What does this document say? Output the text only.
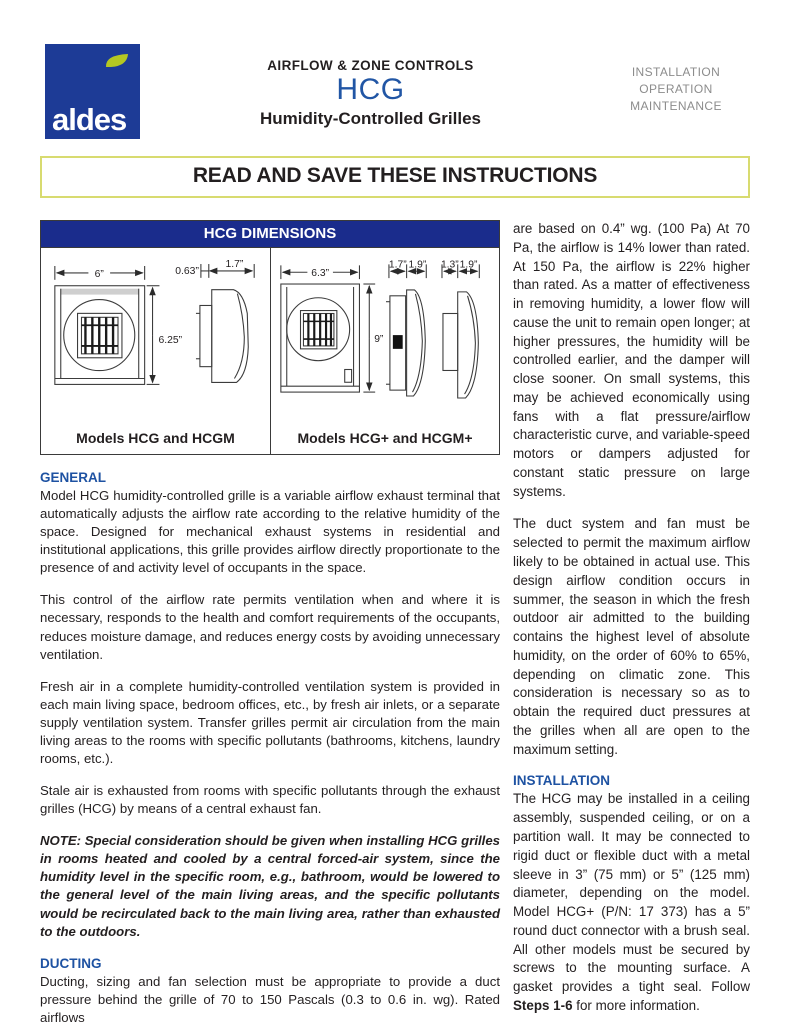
aldes
AIRFLOW & ZONE CONTROLS
HCG
Humidity-Controlled Grilles
INSTALLATION
OPERATION
MAINTENANCE
READ AND SAVE THESE INSTRUCTIONS
HCG DIMENSIONS
6”
6.25”
0.63”
1.7”
Models HCG and HCGM
6.3”
9”
1.7” 1.9” 1.3” 1.9”
Models HCG+ and HCGM+
GENERAL

Model HCG humidity-controlled grille is a variable airflow exhaust terminal that automatically adjusts the airflow rate according to the relative humidity of the space. Designed for mechanical exhaust systems in residential and institutional applications, this grille provides airflow directly proportionate to the presence of and activity level of occupants in the space.

This control of the airflow rate permits ventilation when and where it is necessary, responds to the health and comfort requirements of the occupants, reduces moisture damage, and reduces energy costs by avoiding unnecessary ventilation.

Fresh air in a complete humidity-controlled ventilation system is provided in each main living space, bedroom offices, etc., by fresh air inlets, or a separate supply ventilation system. Transfer grilles permit air circulation from the main living areas to the rooms with specific pollutants (bathrooms, kitchens, laundry rooms, etc.).

Stale air is exhausted from rooms with specific pollutants through the exhaust grilles (HCG) by means of a central exhaust fan.

NOTE: Special consideration should be given when installing HCG grilles in rooms heated and cooled by a central forced-air system, since the humidity level in the specific room, e.g., bathroom, would be lowered to the general level of the main living areas, and the specific pollutants would be recirculated back to the main living area, rather than exhausted to the outdoors.

DUCTING

Ducting, sizing and fan selection must be appropriate to provide a duct pressure behind the grille of 70 to 150 Pascals (0.3 to 0.6 in. wg). Rated airflows

are based on 0.4” wg. (100 Pa) At 70 Pa, the airflow is 14% lower than rated. At 150 Pa, the airflow is 22% higher than rated. As a matter of effectiveness in removing humidity, a lower flow will cause the unit to remain open longer; at higher pressures, the humidity will be controlled earlier, and the damper will close sooner. On small systems, this may be achieved economically using fans with a flat pressure/airflow characteristic curve, and variable-speed motors or dampers adjusted for constant static pressure on large systems.

The duct system and fan must be selected to permit the maximum airflow likely to be obtained in actual use. This design airflow condition occurs in summer, the season in which the fresh outdoor air admitted to the building contains the highest level of absolute humidity, on the order of 60% to 65%, depending on climatic zone. This consideration is necessary so as to obtain the required duct pressures at the grilles when all are open to the maximum setting.

INSTALLATION

The HCG may be installed in a ceiling assembly, suspended ceiling, or on a partition wall. It may be connected to rigid duct or flexible duct with a metal sleeve in 3” (75 mm) or 5” (125 mm) diameter, depending on the model. Model HCG+ (P/N: 17 373) has a 5” round duct connector with a brush seal. All other models must be secured by screws to the mounting surface. A gasket provides a tight seal. Follow Steps 1-6 for more information.
